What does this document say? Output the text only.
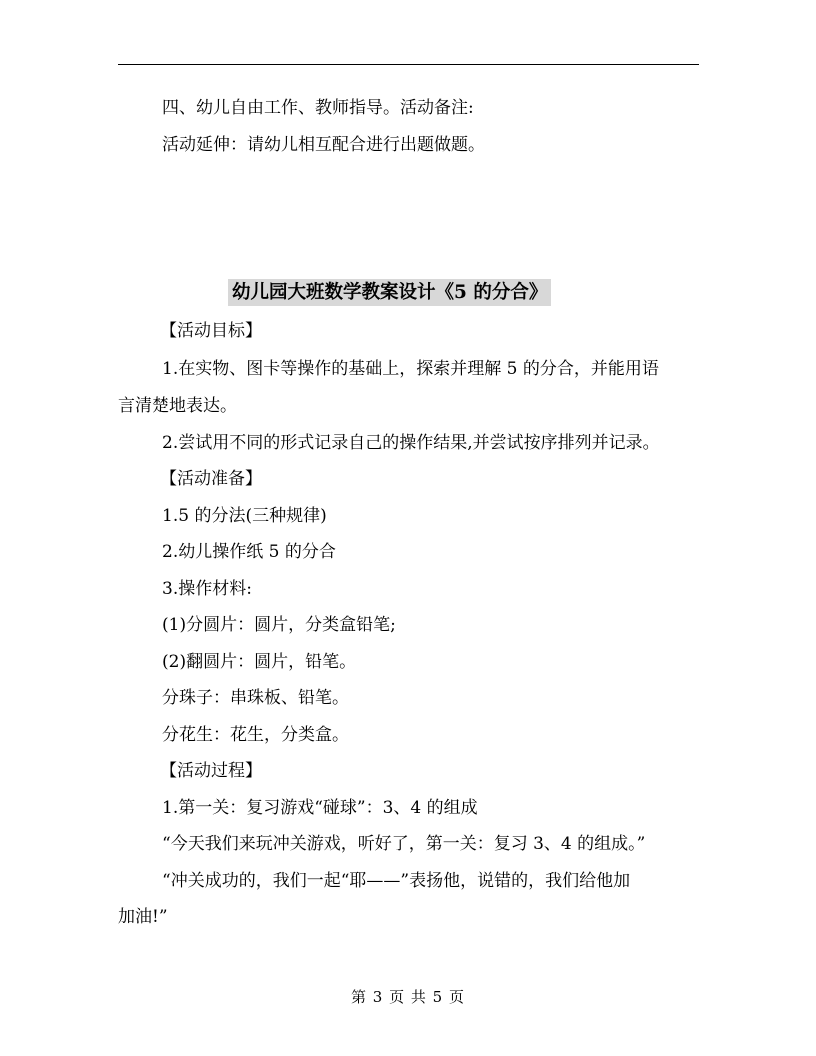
四、幼儿自由工作、教师指导。活动备注:
活动延伸：请幼儿相互配合进行出题做题。
幼儿园大班数学教案设计《5 的分合》
【活动目标】
1.在实物、图卡等操作的基础上，探索并理解 5 的分合，并能用语
言清楚地表达。
2.尝试用不同的形式记录自己的操作结果,并尝试按序排列并记录。
【活动准备】
1.5 的分法(三种规律)
2.幼儿操作纸 5 的分合
3.操作材料:
(1)分圆片：圆片，分类盒铅笔;
(2)翻圆片：圆片，铅笔。
分珠子：串珠板、铅笔。
分花生：花生，分类盒。
【活动过程】
1.第一关：复习游戏“碰球”：3、4 的组成
“今天我们来玩冲关游戏，听好了，第一关：复习 3、4 的组成。”
“冲关成功的，我们一起“耶——”表扬他，说错的，我们给他加
加油!”
第 3 页 共 5 页
